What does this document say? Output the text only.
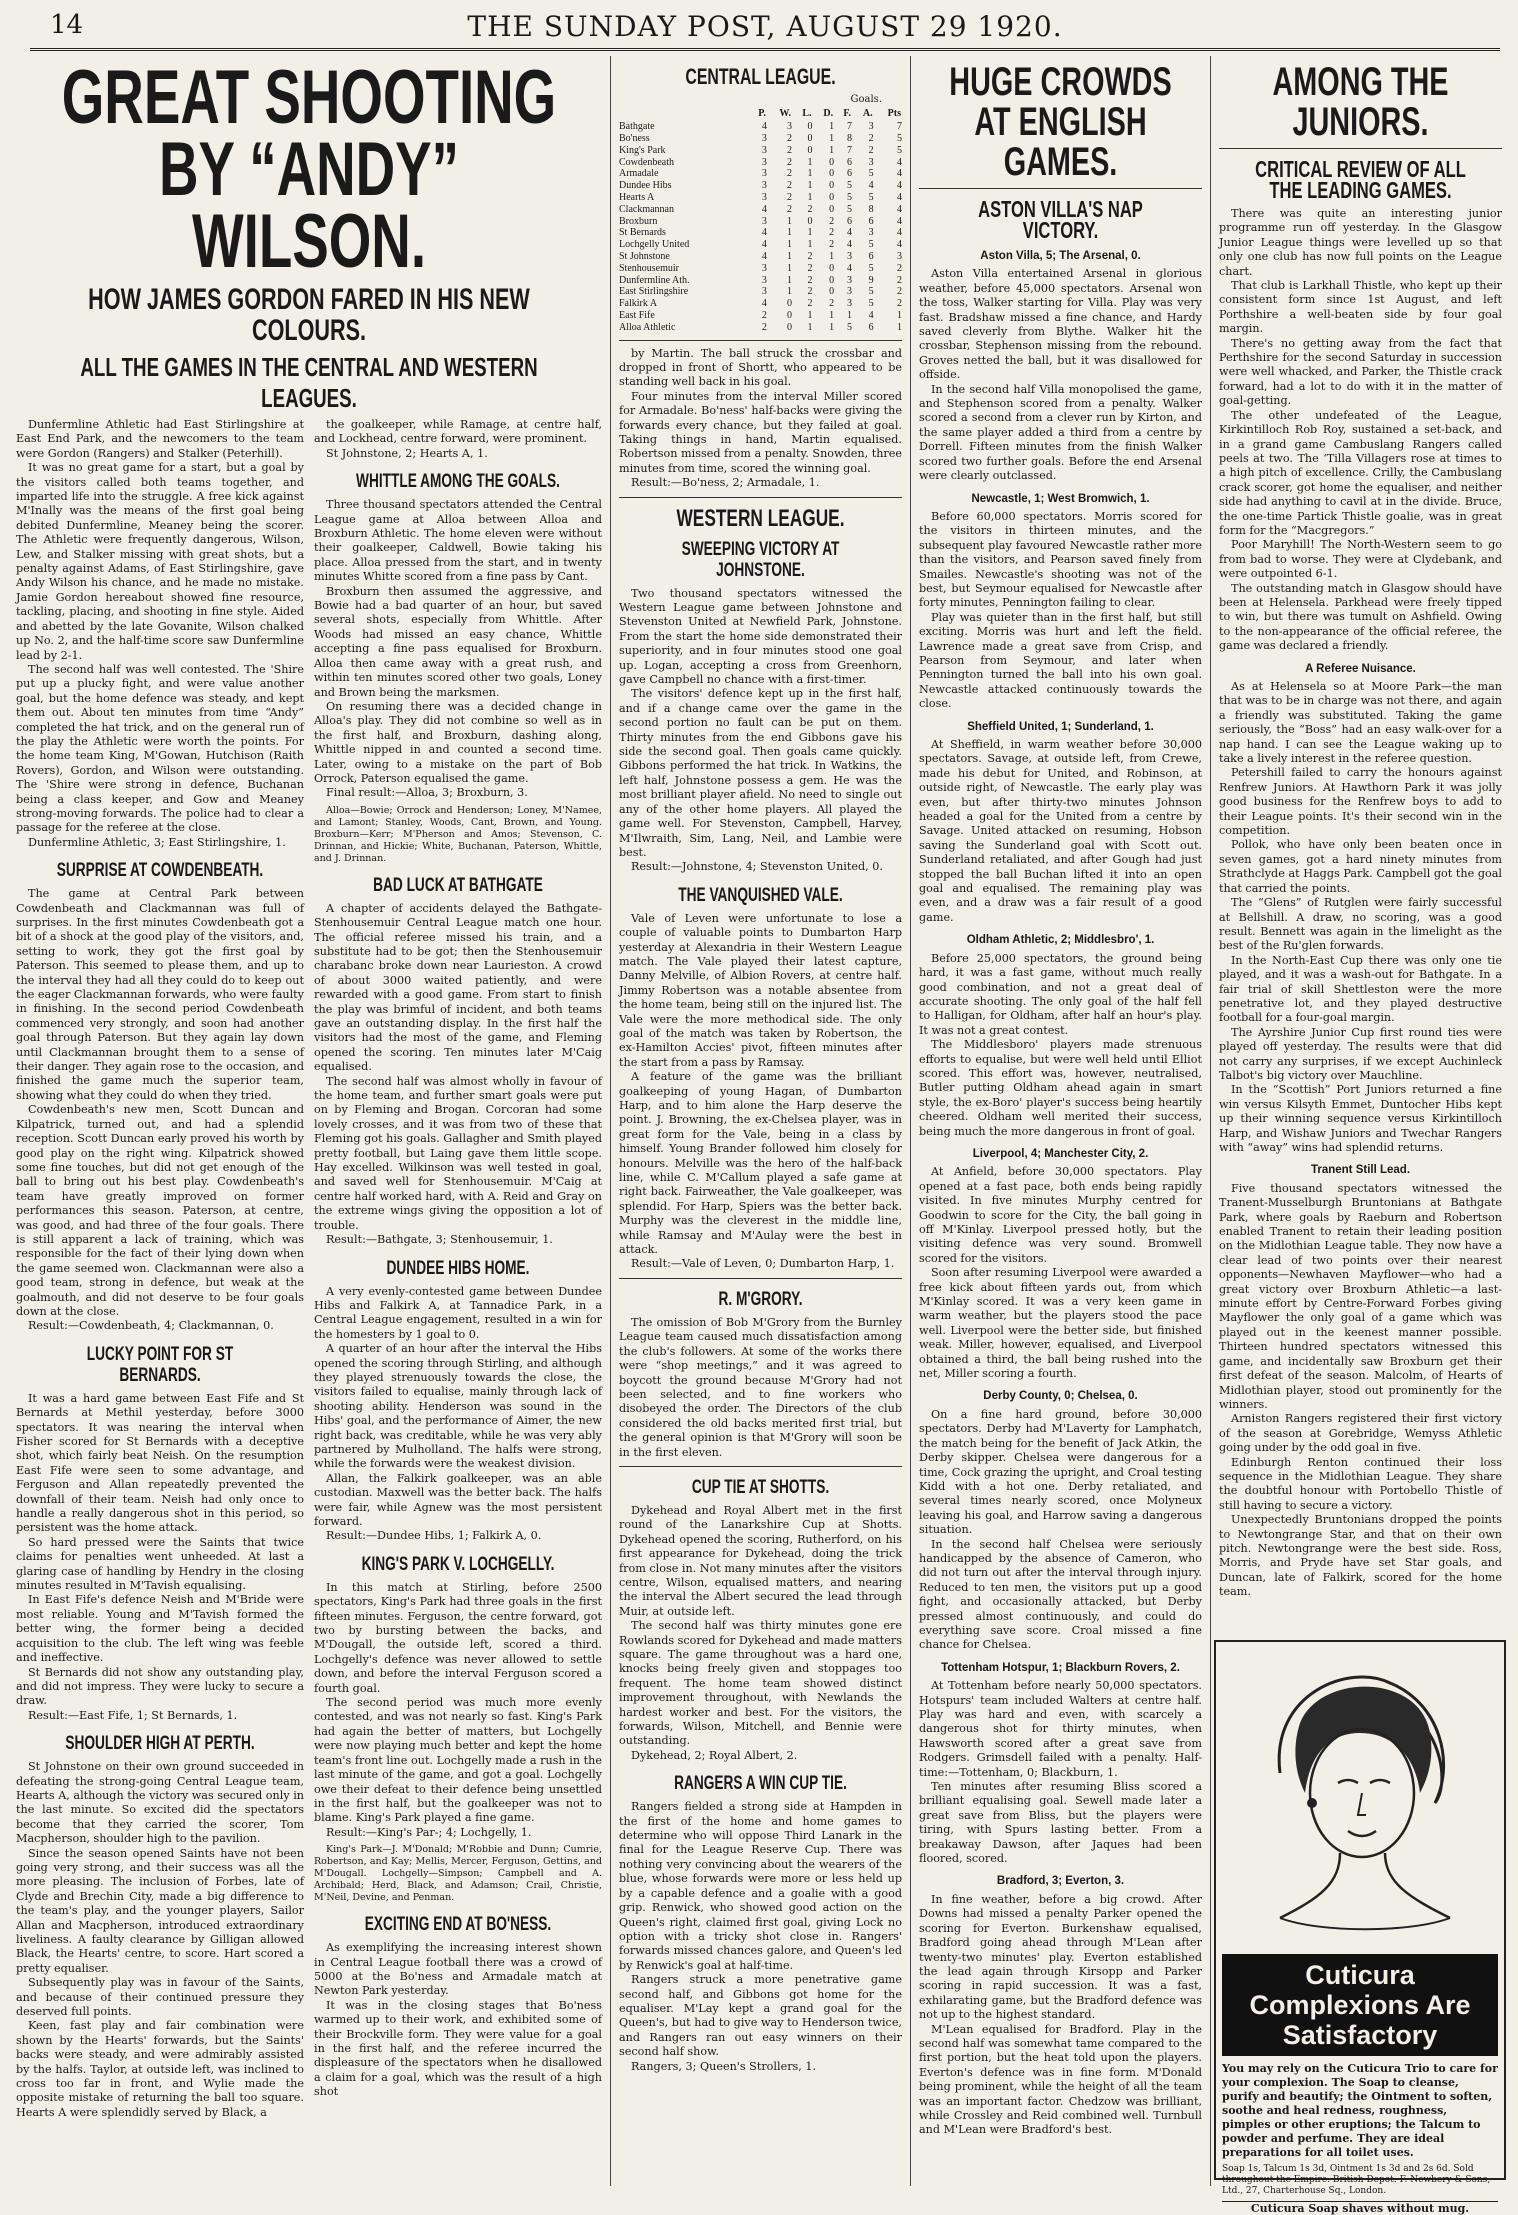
14	THE SUNDAY POST, AUGUST 29 1920.
GREAT SHOOTING BY “ANDY” WILSON.
HOW JAMES GORDON FARED IN HIS NEW COLOURS.
ALL THE GAMES IN THE CENTRAL AND WESTERN LEAGUES.

Dunfermline Athletic had East Stirlingshire at East End Park, and the newcomers to the team were Gordon (Rangers) and Stalker (Peterhill).

It was no great game for a start, but a goal by the visitors called both teams together, and imparted life into the struggle. A free kick against M'Inally was the means of the first goal being debited Dunfermline, Meaney being the scorer. The Athletic were frequently dangerous, Wilson, Lew, and Stalker missing with great shots, but a penalty against Adams, of East Stirlingshire, gave Andy Wilson his chance, and he made no mistake. Jamie Gordon hereabout showed fine resource, tackling, placing, and shooting in fine style. Aided and abetted by the late Govanite, Wilson chalked up No. 2, and the half-time score saw Dunfermline lead by 2-1.

The second half was well contested. The 'Shire put up a plucky fight, and were value another goal, but the home defence was steady, and kept them out. About ten minutes from time “Andy” completed the hat trick, and on the general run of the play the Athletic were worth the points. For the home team King, M'Gowan, Hutchison (Raith Rovers), Gordon, and Wilson were outstanding. The 'Shire were strong in defence, Buchanan being a class keeper, and Gow and Meaney strong-moving forwards. The police had to clear a passage for the referee at the close.

Dunfermline Athletic, 3; East Stirlingshire, 1.

SURPRISE AT COWDENBEATH.

The game at Central Park between Cowdenbeath and Clackmannan was full of surprises. In the first minutes Cowdenbeath got a bit of a shock at the good play of the visitors, and, setting to work, they got the first goal by Paterson. This seemed to please them, and up to the interval they had all they could do to keep out the eager Clackmannan forwards, who were faulty in finishing. In the second period Cowdenbeath commenced very strongly, and soon had another goal through Paterson. But they again lay down until Clackmannan brought them to a sense of their danger. They again rose to the occasion, and finished the game much the superior team, showing what they could do when they tried.

Cowdenbeath's new men, Scott Duncan and Kilpatrick, turned out, and had a splendid reception. Scott Duncan early proved his worth by good play on the right wing. Kilpatrick showed some fine touches, but did not get enough of the ball to bring out his best play. Cowdenbeath's team have greatly improved on former performances this season. Paterson, at centre, was good, and had three of the four goals. There is still apparent a lack of training, which was responsible for the fact of their lying down when the game seemed won. Clackmannan were also a good team, strong in defence, but weak at the goalmouth, and did not deserve to be four goals down at the close.

Result:—Cowdenbeath, 4; Clackmannan, 0.

LUCKY POINT FOR ST BERNARDS.

It was a hard game between East Fife and St Bernards at Methil yesterday, before 3000 spectators. It was nearing the interval when Fisher scored for St Bernards with a deceptive shot, which fairly beat Neish. On the resumption East Fife were seen to some advantage, and Ferguson and Allan repeatedly prevented the downfall of their team. Neish had only once to handle a really dangerous shot in this period, so persistent was the home attack.

So hard pressed were the Saints that twice claims for penalties went unheeded. At last a glaring case of handling by Hendry in the closing minutes resulted in M'Tavish equalising.

In East Fife's defence Neish and M'Bride were most reliable. Young and M'Tavish formed the better wing, the former being a decided acquisition to the club. The left wing was feeble and ineffective.

St Bernards did not show any outstanding play, and did not impress. They were lucky to secure a draw.

Result:—East Fife, 1; St Bernards, 1.

SHOULDER HIGH AT PERTH.

St Johnstone on their own ground succeeded in defeating the strong-going Central League team, Hearts A, although the victory was secured only in the last minute. So excited did the spectators become that they carried the scorer, Tom Macpherson, shoulder high to the pavilion.

Since the season opened Saints have not been going very strong, and their success was all the more pleasing. The inclusion of Forbes, late of Clyde and Brechin City, made a big difference to the team's play, and the younger players, Sailor Allan and Macpherson, introduced extraordinary liveliness. A faulty clearance by Gilligan allowed Black, the Hearts' centre, to score. Hart scored a pretty equaliser.

Subsequently play was in favour of the Saints, and because of their continued pressure they deserved full points.

Keen, fast play and fair combination were shown by the Hearts' forwards, but the Saints' backs were steady, and were admirably assisted by the halfs. Taylor, at outside left, was inclined to cross too far in front, and Wylie made the opposite mistake of returning the ball too square. Hearts A were splendidly served by Black, a

the goalkeeper, while Ramage, at centre half, and Lockhead, centre forward, were prominent.

St Johnstone, 2; Hearts A, 1.

WHITTLE AMONG THE GOALS.

Three thousand spectators attended the Central League game at Alloa between Alloa and Broxburn Athletic. The home eleven were without their goalkeeper, Caldwell, Bowie taking his place. Alloa pressed from the start, and in twenty minutes Whitte scored from a fine pass by Cant.

Broxburn then assumed the aggressive, and Bowie had a bad quarter of an hour, but saved several shots, especially from Whittle. After Woods had missed an easy chance, Whittle accepting a fine pass equalised for Broxburn. Alloa then came away with a great rush, and within ten minutes scored other two goals, Loney and Brown being the marksmen.

On resuming there was a decided change in Alloa's play. They did not combine so well as in the first half, and Broxburn, dashing along, Whittle nipped in and counted a second time. Later, owing to a mistake on the part of Bob Orrock, Paterson equalised the game.

Final result:—Alloa, 3; Broxburn, 3.

Alloa—Bowie; Orrock and Henderson; Loney, M'Namee, and Lamont; Stanley, Woods, Cant, Brown, and Young. Broxburn—Kerr; M'Pherson and Amos; Stevenson, C. Drinnan, and Hickie; White, Buchanan, Paterson, Whittle, and J. Drinnan.

BAD LUCK AT BATHGATE

A chapter of accidents delayed the Bathgate-Stenhousemuir Central League match one hour. The official referee missed his train, and a substitute had to be got; then the Stenhousemuir charabanc broke down near Laurieston. A crowd of about 3000 waited patiently, and were rewarded with a good game. From start to finish the play was brimful of incident, and both teams gave an outstanding display. In the first half the visitors had the most of the game, and Fleming opened the scoring. Ten minutes later M'Caig equalised.

The second half was almost wholly in favour of the home team, and further smart goals were put on by Fleming and Brogan. Corcoran had some lovely crosses, and it was from two of these that Fleming got his goals. Gallagher and Smith played pretty football, but Laing gave them little scope. Hay excelled. Wilkinson was well tested in goal, and saved well for Stenhousemuir. M'Caig at centre half worked hard, with A. Reid and Gray on the extreme wings giving the opposition a lot of trouble.

Result:—Bathgate, 3; Stenhousemuir, 1.

DUNDEE HIBS HOME.

A very evenly-contested game between Dundee Hibs and Falkirk A, at Tannadice Park, in a Central League engagement, resulted in a win for the homesters by 1 goal to 0.

A quarter of an hour after the interval the Hibs opened the scoring through Stirling, and although they played strenuously towards the close, the visitors failed to equalise, mainly through lack of shooting ability. Henderson was sound in the Hibs' goal, and the performance of Aimer, the new right back, was creditable, while he was very ably partnered by Mulholland. The halfs were strong, while the forwards were the weakest division.

Allan, the Falkirk goalkeeper, was an able custodian. Maxwell was the better back. The halfs were fair, while Agnew was the most persistent forward.

Result:—Dundee Hibs, 1; Falkirk A, 0.

KING'S PARK V. LOCHGELLY.

In this match at Stirling, before 2500 spectators, King's Park had three goals in the first fifteen minutes. Ferguson, the centre forward, got two by bursting between the backs, and M'Dougall, the outside left, scored a third. Lochgelly's defence was never allowed to settle down, and before the interval Ferguson scored a fourth goal.

The second period was much more evenly contested, and was not nearly so fast. King's Park had again the better of matters, but Lochgelly were now playing much better and kept the home team's front line out. Lochgelly made a rush in the last minute of the game, and got a goal. Lochgelly owe their defeat to their defence being unsettled in the first half, but the goalkeeper was not to blame. King's Park played a fine game.

Result:—King's Par-; 4; Lochgelly, 1.

King's Park—J. M'Donald; M'Robbie and Dunn; Cumrie, Robertson, and Kay; Mellis, Mercer, Ferguson, Gettins, and M'Dougall. Lochgelly—Simpson; Campbell and A. Archibald; Herd, Black, and Adamson; Crail, Christie, M'Neil, Devine, and Penman.

EXCITING END AT BO'NESS.

As exemplifying the increasing interest shown in Central League football there was a crowd of 5000 at the Bo'ness and Armadale match at Newton Park yesterday.

It was in the closing stages that Bo'ness warmed up to their work, and exhibited some of their Brockville form. They were value for a goal in the first half, and the referee incurred the displeasure of the spectators when he disallowed a claim for a goal, which was the result of a high shot

CENTRAL LEAGUE.
Goals.
	P.	W.	L.	D.	F.	A.	Pts
Bathgate	4	3	0	1	7	3	7
Bo'ness	3	2	0	1	8	2	5
King's Park	3	2	0	1	7	2	5
Cowdenbeath	3	2	1	0	6	3	4
Armadale	3	2	1	0	6	5	4
Dundee Hibs	3	2	1	0	5	4	4
Hearts A	3	2	1	0	5	5	4
Clackmannan	4	2	2	0	5	8	4
Broxburn	3	1	0	2	6	6	4
St Bernards	4	1	1	2	4	3	4
Lochgelly United	4	1	1	2	4	5	4
St Johnstone	4	1	2	1	3	6	3
Stenhousemuir	3	1	2	0	4	5	2
Dunfermline Ath.	3	1	2	0	3	9	2
East Stirlingshire	3	1	2	0	3	5	2
Falkirk A	4	0	2	2	3	5	2
East Fife	2	0	1	1	1	4	1
Alloa Athletic	2	0	1	1	5	6	1

by Martin. The ball struck the crossbar and dropped in front of Shortt, who appeared to be standing well back in his goal.

Four minutes from the interval Miller scored for Armadale. Bo'ness' half-backs were giving the forwards every chance, but they failed at goal. Taking things in hand, Martin equalised. Robertson missed from a penalty. Snowden, three minutes from time, scored the winning goal.

Result:—Bo'ness, 2; Armadale, 1.

WESTERN LEAGUE.
SWEEPING VICTORY AT JOHNSTONE.

Two thousand spectators witnessed the Western League game between Johnstone and Stevenston United at Newfield Park, Johnstone. From the start the home side demonstrated their superiority, and in four minutes stood one goal up. Logan, accepting a cross from Greenhorn, gave Campbell no chance with a first-timer.

The visitors' defence kept up in the first half, and if a change came over the game in the second portion no fault can be put on them. Thirty minutes from the end Gibbons gave his side the second goal. Then goals came quickly. Gibbons performed the hat trick. In Watkins, the left half, Johnstone possess a gem. He was the most brilliant player afield. No need to single out any of the other home players. All played the game well. For Stevenston, Campbell, Harvey, M'Ilwraith, Sim, Lang, Neil, and Lambie were best.

Result:—Johnstone, 4; Stevenston United, 0.

THE VANQUISHED VALE.

Vale of Leven were unfortunate to lose a couple of valuable points to Dumbarton Harp yesterday at Alexandria in their Western League match. The Vale played their latest capture, Danny Melville, of Albion Rovers, at centre half. Jimmy Robertson was a notable absentee from the home team, being still on the injured list. The Vale were the more methodical side. The only goal of the match was taken by Robertson, the ex-Hamilton Accies' pivot, fifteen minutes after the start from a pass by Ramsay.

A feature of the game was the brilliant goalkeeping of young Hagan, of Dumbarton Harp, and to him alone the Harp deserve the point. J. Browning, the ex-Chelsea player, was in great form for the Vale, being in a class by himself. Young Brander followed him closely for honours. Melville was the hero of the half-back line, while C. M'Callum played a safe game at right back. Fairweather, the Vale goalkeeper, was splendid. For Harp, Spiers was the better back. Murphy was the cleverest in the middle line, while Ramsay and M'Aulay were the best in attack.

Result:—Vale of Leven, 0; Dumbarton Harp, 1.

R. M'GRORY.

The omission of Bob M'Grory from the Burnley League team caused much dissatisfaction among the club's followers. At some of the works there were “shop meetings,” and it was agreed to boycott the ground because M'Grory had not been selected, and to fine workers who disobeyed the order. The Directors of the club considered the old backs merited first trial, but the general opinion is that M'Grory will soon be in the first eleven.

CUP TIE AT SHOTTS.

Dykehead and Royal Albert met in the first round of the Lanarkshire Cup at Shotts. Dykehead opened the scoring, Rutherford, on his first appearance for Dykehead, doing the trick from close in. Not many minutes after the visitors centre, Wilson, equalised matters, and nearing the interval the Albert secured the lead through Muir, at outside left.

The second half was thirty minutes gone ere Rowlands scored for Dykehead and made matters square. The game throughout was a hard one, knocks being freely given and stoppages too frequent. The home team showed distinct improvement throughout, with Newlands the hardest worker and best. For the visitors, the forwards, Wilson, Mitchell, and Bennie were outstanding.

Dykehead, 2; Royal Albert, 2.

RANGERS A WIN CUP TIE.

Rangers fielded a strong side at Hampden in the first of the home and home games to determine who will oppose Third Lanark in the final for the League Reserve Cup. There was nothing very convincing about the wearers of the blue, whose forwards were more or less held up by a capable defence and a goalie with a good grip. Renwick, who showed good action on the Queen's right, claimed first goal, giving Lock no option with a tricky shot close in. Rangers' forwards missed chances galore, and Queen's led by Renwick's goal at half-time.

Rangers struck a more penetrative game second half, and Gibbons got home for the equaliser. M'Lay kept a grand goal for the Queen's, but had to give way to Henderson twice, and Rangers ran out easy winners on their second half show.

Rangers, 3; Queen's Strollers, 1.

HUGE CROWDS AT ENGLISH GAMES.
ASTON VILLA'S NAP VICTORY.
Aston Villa, 5; The Arsenal, 0.

Aston Villa entertained Arsenal in glorious weather, before 45,000 spectators. Arsenal won the toss, Walker starting for Villa. Play was very fast. Bradshaw missed a fine chance, and Hardy saved cleverly from Blythe. Walker hit the crossbar, Stephenson missing from the rebound. Groves netted the ball, but it was disallowed for offside.

In the second half Villa monopolised the game, and Stephenson scored from a penalty. Walker scored a second from a clever run by Kirton, and the same player added a third from a centre by Dorrell. Fifteen minutes from the finish Walker scored two further goals. Before the end Arsenal were clearly outclassed.

Newcastle, 1; West Bromwich, 1.

Before 60,000 spectators. Morris scored for the visitors in thirteen minutes, and the subsequent play favoured Newcastle rather more than the visitors, and Pearson saved finely from Smailes. Newcastle's shooting was not of the best, but Seymour equalised for Newcastle after forty minutes, Pennington failing to clear.

Play was quieter than in the first half, but still exciting. Morris was hurt and left the field. Lawrence made a great save from Crisp, and Pearson from Seymour, and later when Pennington turned the ball into his own goal. Newcastle attacked continuously towards the close.

Sheffield United, 1; Sunderland, 1.

At Sheffield, in warm weather before 30,000 spectators. Savage, at outside left, from Crewe, made his debut for United, and Robinson, at outside right, of Newcastle. The early play was even, but after thirty-two minutes Johnson headed a goal for the United from a centre by Savage. United attacked on resuming, Hobson saving the Sunderland goal with Scott out. Sunderland retaliated, and after Gough had just stopped the ball Buchan lifted it into an open goal and equalised. The remaining play was even, and a draw was a fair result of a good game.

Oldham Athletic, 2; Middlesbro', 1.

Before 25,000 spectators, the ground being hard, it was a fast game, without much really good combination, and not a great deal of accurate shooting. The only goal of the half fell to Halligan, for Oldham, after half an hour's play. It was not a great contest.

The Middlesboro' players made strenuous efforts to equalise, but were well held until Elliot scored. This effort was, however, neutralised, Butler putting Oldham ahead again in smart style, the ex-Boro' player's success being heartily cheered. Oldham well merited their success, being much the more dangerous in front of goal.

Liverpool, 4; Manchester City, 2.

At Anfield, before 30,000 spectators. Play opened at a fast pace, both ends being rapidly visited. In five minutes Murphy centred for Goodwin to score for the City, the ball going in off M'Kinlay. Liverpool pressed hotly, but the visiting defence was very sound. Bromwell scored for the visitors.

Soon after resuming Liverpool were awarded a free kick about fifteen yards out, from which M'Kinlay scored. It was a very keen game in warm weather, but the players stood the pace well. Liverpool were the better side, but finished weak. Miller, however, equalised, and Liverpool obtained a third, the ball being rushed into the net, Miller scoring a fourth.

Derby County, 0; Chelsea, 0.

On a fine hard ground, before 30,000 spectators. Derby had M'Laverty for Lamphatch, the match being for the benefit of Jack Atkin, the Derby skipper. Chelsea were dangerous for a time, Cock grazing the upright, and Croal testing Kidd with a hot one. Derby retaliated, and several times nearly scored, once Molyneux leaving his goal, and Harrow saving a dangerous situation.

In the second half Chelsea were seriously handicapped by the absence of Cameron, who did not turn out after the interval through injury. Reduced to ten men, the visitors put up a good fight, and occasionally attacked, but Derby pressed almost continuously, and could do everything save score. Croal missed a fine chance for Chelsea.

Tottenham Hotspur, 1; Blackburn Rovers, 2.

At Tottenham before nearly 50,000 spectators. Hotspurs' team included Walters at centre half. Play was hard and even, with scarcely a dangerous shot for thirty minutes, when Hawsworth scored after a great save from Rodgers. Grimsdell failed with a penalty. Half-time:—Tottenham, 0; Blackburn, 1.

Ten minutes after resuming Bliss scored a brilliant equalising goal. Sewell made later a great save from Bliss, but the players were tiring, with Spurs lasting better. From a breakaway Dawson, after Jaques had been floored, scored.

Bradford, 3; Everton, 3.

In fine weather, before a big crowd. After Downs had missed a penalty Parker opened the scoring for Everton. Burkenshaw equalised, Bradford going ahead through M'Lean after twenty-two minutes' play. Everton established the lead again through Kirsopp and Parker scoring in rapid succession. It was a fast, exhilarating game, but the Bradford defence was not up to the highest standard.

M'Lean equalised for Bradford. Play in the second half was somewhat tame compared to the first portion, but the heat told upon the players. Everton's defence was in fine form. M'Donald being prominent, while the height of all the team was an important factor. Chedzow was brilliant, while Crossley and Reid combined well. Turnbull and M'Lean were Bradford's best.

AMONG THE JUNIORS.
CRITICAL REVIEW OF ALL THE LEADING GAMES.

There was quite an interesting junior programme run off yesterday. In the Glasgow Junior League things were levelled up so that only one club has now full points on the League chart.

That club is Larkhall Thistle, who kept up their consistent form since 1st August, and left Porthshire a well-beaten side by four goal margin.

There's no getting away from the fact that Perthshire for the second Saturday in succession were well whacked, and Parker, the Thistle crack forward, had a lot to do with it in the matter of goal-getting.

The other undefeated of the League, Kirkintilloch Rob Roy, sustained a set-back, and in a grand game Cambuslang Rangers called peels at two. The ‘Tilla Villagers rose at times to a high pitch of excellence. Crilly, the Cambuslang crack scorer, got home the equaliser, and neither side had anything to cavil at in the divide. Bruce, the one-time Partick Thistle goalie, was in great form for the “Macgregors.”

Poor Maryhill! The North-Western seem to go from bad to worse. They were at Clydebank, and were outpointed 6-1.

The outstanding match in Glasgow should have been at Helensela. Parkhead were freely tipped to win, but there was tumult on Ashfield. Owing to the non-appearance of the official referee, the game was declared a friendly.

A Referee Nuisance.

As at Helensela so at Moore Park—the man that was to be in charge was not there, and again a friendly was substituted. Taking the game seriously, the “Boss” had an easy walk-over for a nap hand. I can see the League waking up to take a lively interest in the referee question.

Petershill failed to carry the honours against Renfrew Juniors. At Hawthorn Park it was jolly good business for the Renfrew boys to add to their League points. It's their second win in the competition.

Pollok, who have only been beaten once in seven games, got a hard ninety minutes from Strathclyde at Haggs Park. Campbell got the goal that carried the points.

The “Glens” of Rutglen were fairly successful at Bellshill. A draw, no scoring, was a good result. Bennett was again in the limelight as the best of the Ru'glen forwards.

In the North-East Cup there was only one tie played, and it was a wash-out for Bathgate. In a fair trial of skill Shettleston were the more penetrative lot, and they played destructive football for a four-goal margin.

The Ayrshire Junior Cup first round ties were played off yesterday. The results were that did not carry any surprises, if we except Auchinleck Talbot's big victory over Mauchline.

In the “Scottish” Port Juniors returned a fine win versus Kilsyth Emmet, Duntocher Hibs kept up their winning sequence versus Kirkintilloch Harp, and Wishaw Juniors and Twechar Rangers with “away” wins had splendid returns.

Tranent Still Lead.

Five thousand spectators witnessed the Tranent-Musselburgh Bruntonians at Bathgate Park, where goals by Raeburn and Robertson enabled Tranent to retain their leading position on the Midlothian League table. They now have a clear lead of two points over their nearest opponents—Newhaven Mayflower—who had a great victory over Broxburn Athletic—a last-minute effort by Centre-Forward Forbes giving Mayflower the only goal of a game which was played out in the keenest manner possible. Thirteen hundred spectators witnessed this game, and incidentally saw Broxburn get their first defeat of the season. Malcolm, of Hearts of Midlothian player, stood out prominently for the winners.

Arniston Rangers registered their first victory of the season at Gorebridge, Wemyss Athletic going under by the odd goal in five.

Edinburgh Renton continued their loss sequence in the Midlothian League. They share the doubtful honour with Portobello Thistle of still having to secure a victory.

Unexpectedly Bruntonians dropped the points to Newtongrange Star, and that on their own pitch. Newtongrange were the best side. Ross, Morris, and Pryde have set Star goals, and Duncan, late of Falkirk, scored for the home team.

Cuticura Complexions Are Satisfactory
You may rely on the Cuticura Trio to care for your complexion. The Soap to cleanse, purify and beautify; the Ointment to soften, soothe and heal redness, roughness, pimples or other eruptions; the Talcum to powder and perfume. They are ideal preparations for all toilet uses.
Soap 1s, Talcum 1s 3d, Ointment 1s 3d and 2s 6d. Sold throughout the Empire. British Depot: F. Newbery & Sons, Ltd., 27, Charterhouse Sq., London.
Cuticura Soap shaves without mug.
